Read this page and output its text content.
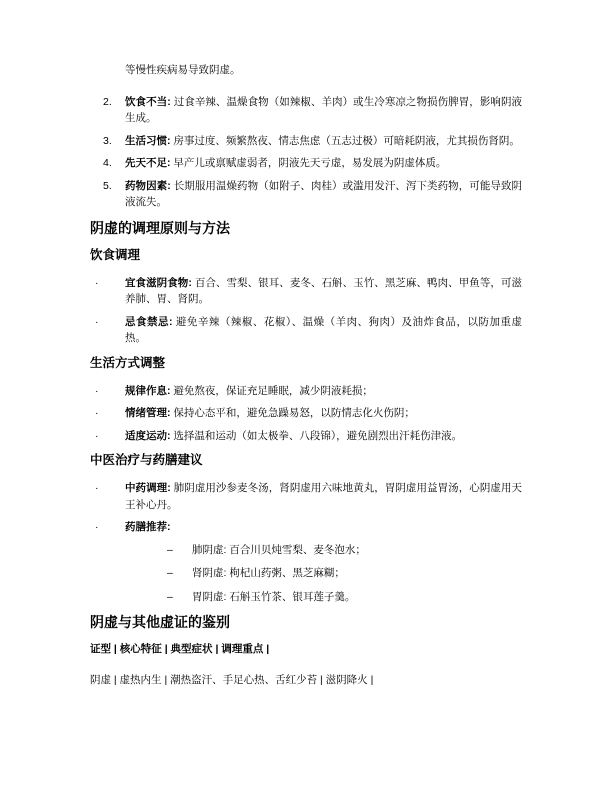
等慢性疾病易导致阴虚。

2. 饮食不当: 过食辛辣、温燥食物（如辣椒、羊肉）或生冷寒凉之物损伤脾胃，影响阴液生成。
3. 生活习惯: 房事过度、频繁熬夜、情志焦虑（五志过极）可暗耗阴液，尤其损伤肾阴。
4. 先天不足: 早产儿或禀赋虚弱者，阴液先天亏虚，易发展为阴虚体质。
5. 药物因素: 长期服用温燥药物（如附子、肉桂）或滥用发汗、泻下类药物，可能导致阴液流失。
阴虚的调理原则与方法
饮食调理
·	宜食滋阴食物: 百合、雪梨、银耳、麦冬、石斛、玉竹、黑芝麻、鸭肉、甲鱼等，可滋养肺、胃、肾阴。
·	忌食禁忌: 避免辛辣（辣椒、花椒）、温燥（羊肉、狗肉）及油炸食品，以防加重虚热。
生活方式调整
·	规律作息: 避免熬夜，保证充足睡眠，减少阴液耗损；
·	情绪管理: 保持心态平和，避免急躁易怒，以防情志化火伤阴；
·	适度运动: 选择温和运动（如太极拳、八段锦），避免剧烈出汗耗伤津液。
中医治疗与药膳建议
·	中药调理: 肺阴虚用沙参麦冬汤，肾阴虚用六味地黄丸，胃阴虚用益胃汤，心阴虚用天王补心丹。
·	药膳推荐:
– 肺阴虚: 百合川贝炖雪梨、麦冬泡水；
– 肾阴虚: 枸杞山药粥、黑芝麻糊；
– 胃阴虚: 石斛玉竹茶、银耳莲子羹。
阴虚与其他虚证的鉴别

证型 | 核心特征 | 典型症状 | 调理重点 |

阴虚 | 虚热内生 | 潮热盗汗、手足心热、舌红少苔 | 滋阴降火 |
